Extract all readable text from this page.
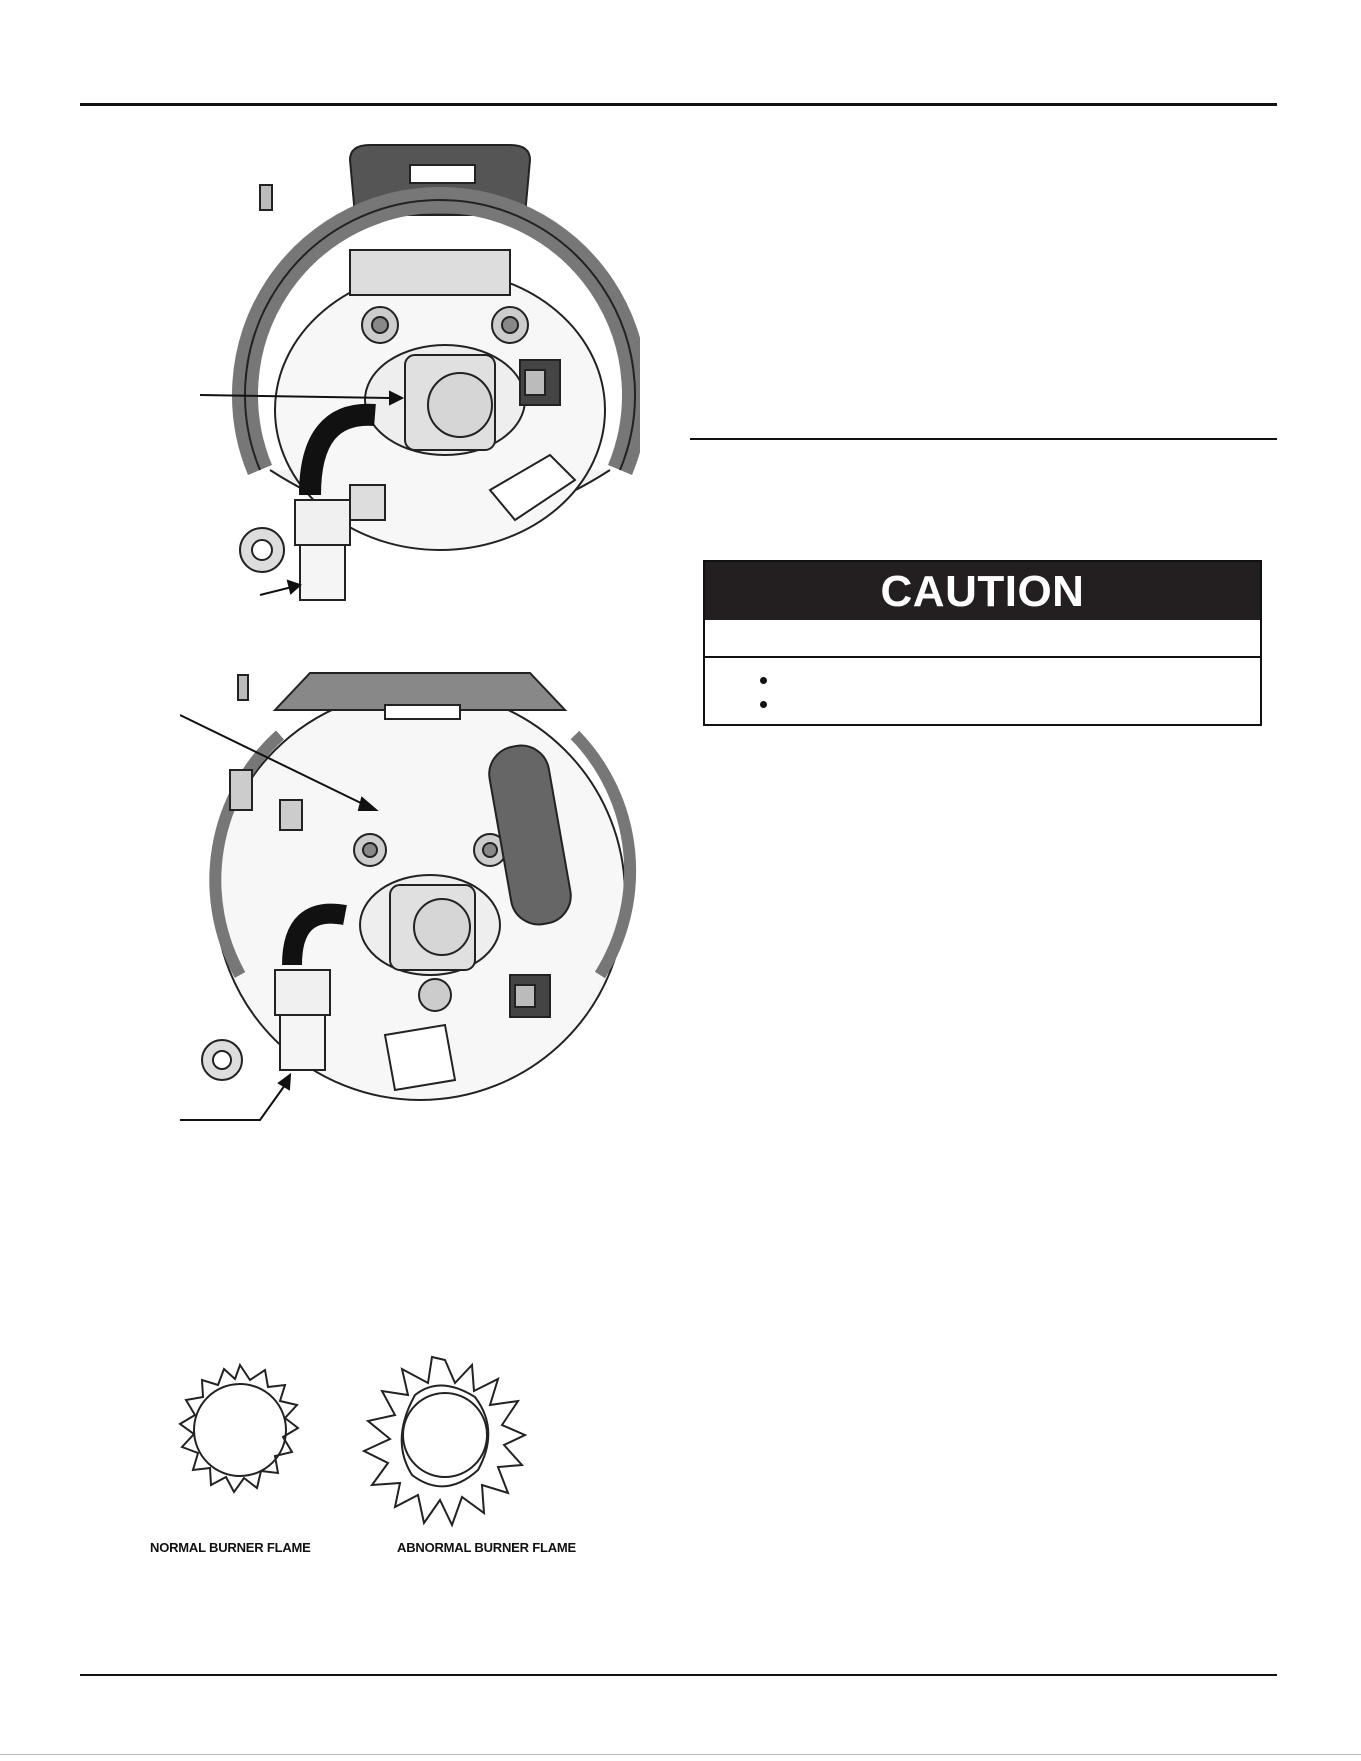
NORMAL BURNER FLAME	ABNORMAL BURNER FLAME
CAUTION
